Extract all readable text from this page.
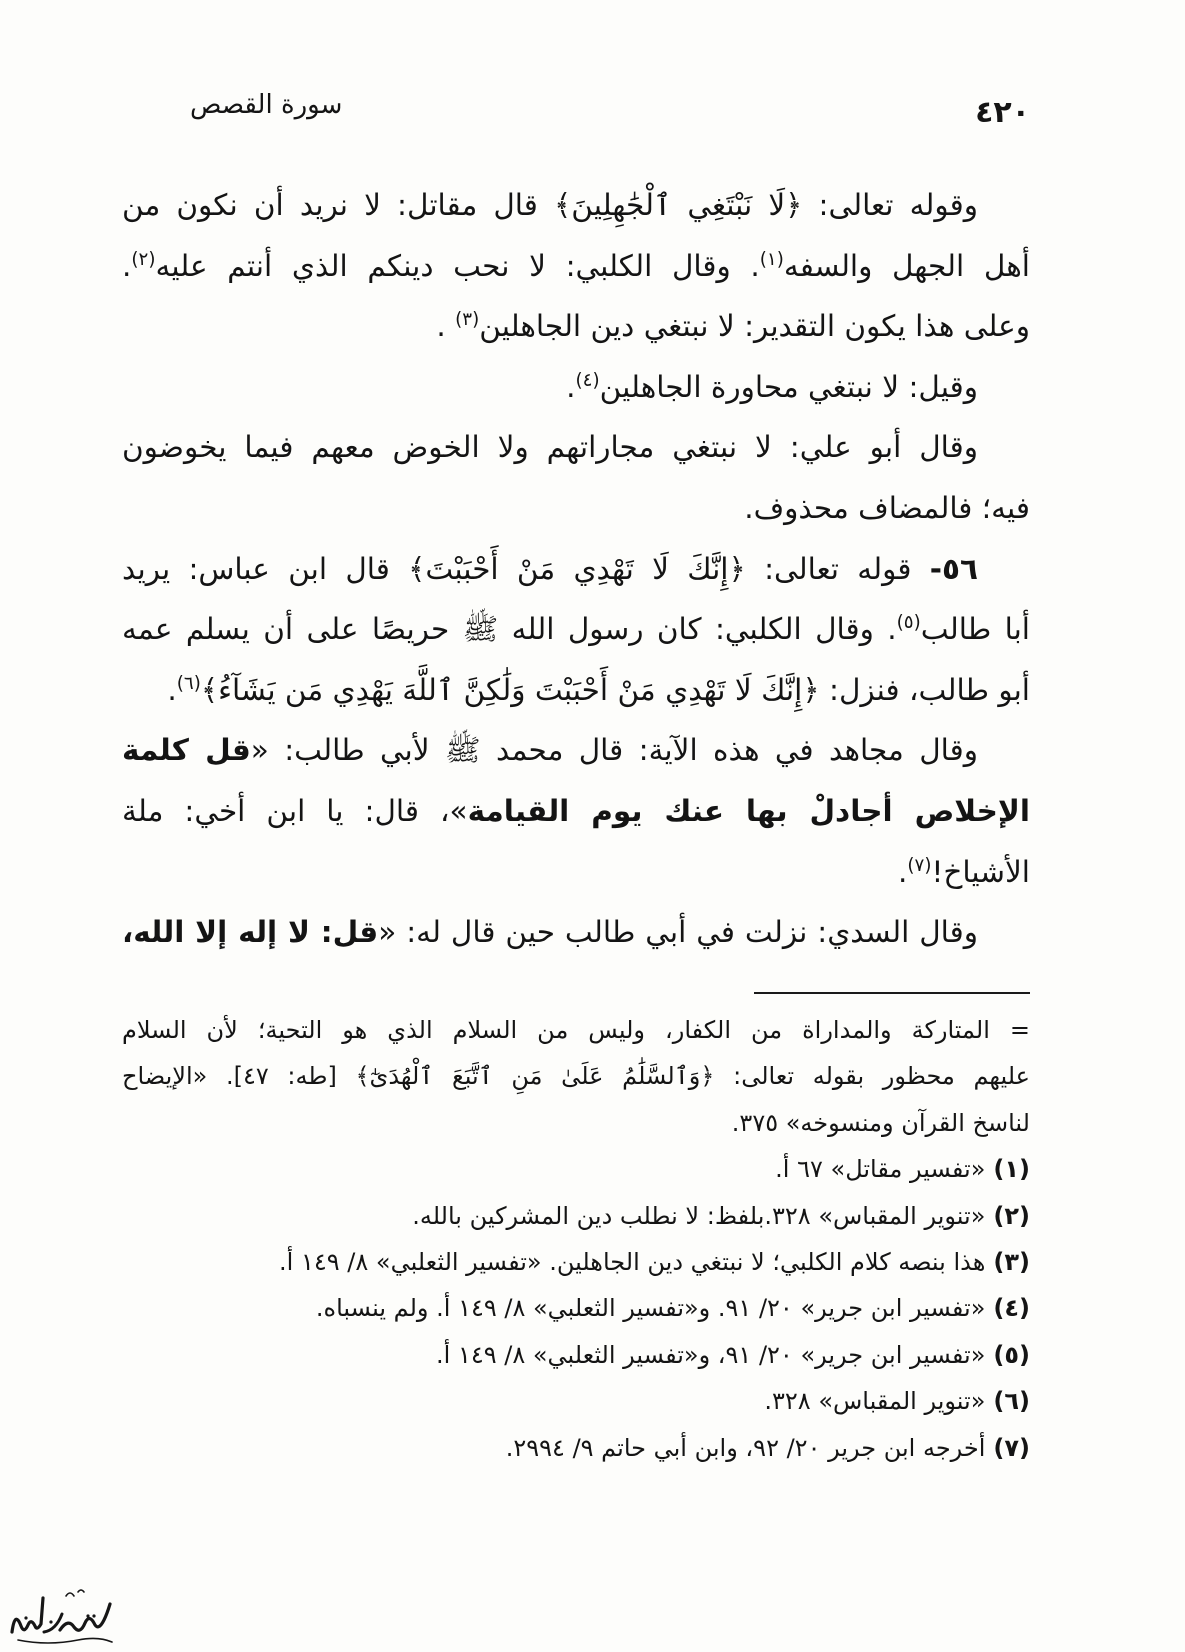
٤٢٠
سورة القصص
وقوله تعالى: ﴿لَا نَبْتَغِي ٱلْجَٰهِلِينَ﴾ قال مقاتل: لا نريد أن نكون من
أهل الجهل والسفه$^{(١)}$. وقال الكلبي: لا نحب دينكم الذي أنتم عليه$^{(٢)}$.
وعلى هذا يكون التقدير: لا نبتغي دين الجاهلين$^{(٣)}$ .
وقيل: لا نبتغي محاورة الجاهلين$^{(٤)}$.
وقال أبو علي: لا نبتغي مجاراتهم ولا الخوض معهم فيما يخوضون
فيه؛ فالمضاف محذوف.
٥٦- قوله تعالى: ﴿إِنَّكَ لَا تَهْدِي مَنْ أَحْبَبْتَ﴾ قال ابن عباس: يريد
أبا طالب$^{(٥)}$. وقال الكلبي: كان رسول الله ﷺ حريصًا على أن يسلم عمه
أبو طالب، فنزل: ﴿إِنَّكَ لَا تَهْدِي مَنْ أَحْبَبْتَ وَلَٰكِنَّ ٱللَّهَ يَهْدِي مَن يَشَآءُ﴾$^{(٦)}$.
وقال مجاهد في هذه الآية: قال محمد ﷺ لأبي طالب: «قل كلمة
الإخلاص أجادلْ بها عنك يوم القيامة»، قال: يا ابن أخي: ملة
الأشياخ!$^{(٧)}$.
وقال السدي: نزلت في أبي طالب حين قال له: «قل: لا إله إلا الله،
= المتاركة والمداراة من الكفار، وليس من السلام الذي هو التحية؛ لأن السلام
عليهم محظور بقوله تعالى: ﴿وَٱلسَّلَٰمُ عَلَىٰ مَنِ ٱتَّبَعَ ٱلْهُدَىٰٓ﴾ [طه: ٤٧]. «الإيضاح
لناسخ القرآن ومنسوخه» ٣٧٥.
(١)«تفسير مقاتل» ٦٧ أ.
(٢)«تنوير المقباس» ٣٢٨.بلفظ: لا نطلب دين المشركين بالله.
(٣)هذا بنصه كلام الكلبي؛ لا نبتغي دين الجاهلين. «تفسير الثعلبي» ٨/ ١٤٩ أ.
(٤)«تفسير ابن جرير» ٢٠/ ٩١. و«تفسير الثعلبي» ٨/ ١٤٩ أ. ولم ينسباه.
(٥)«تفسير ابن جرير» ٢٠/ ٩١، و«تفسير الثعلبي» ٨/ ١٤٩ أ.
(٦)«تنوير المقباس» ٣٢٨.
(٧)أخرجه ابن جرير ٢٠/ ٩٢، وابن أبي حاتم ٩/ ٢٩٩٤.
